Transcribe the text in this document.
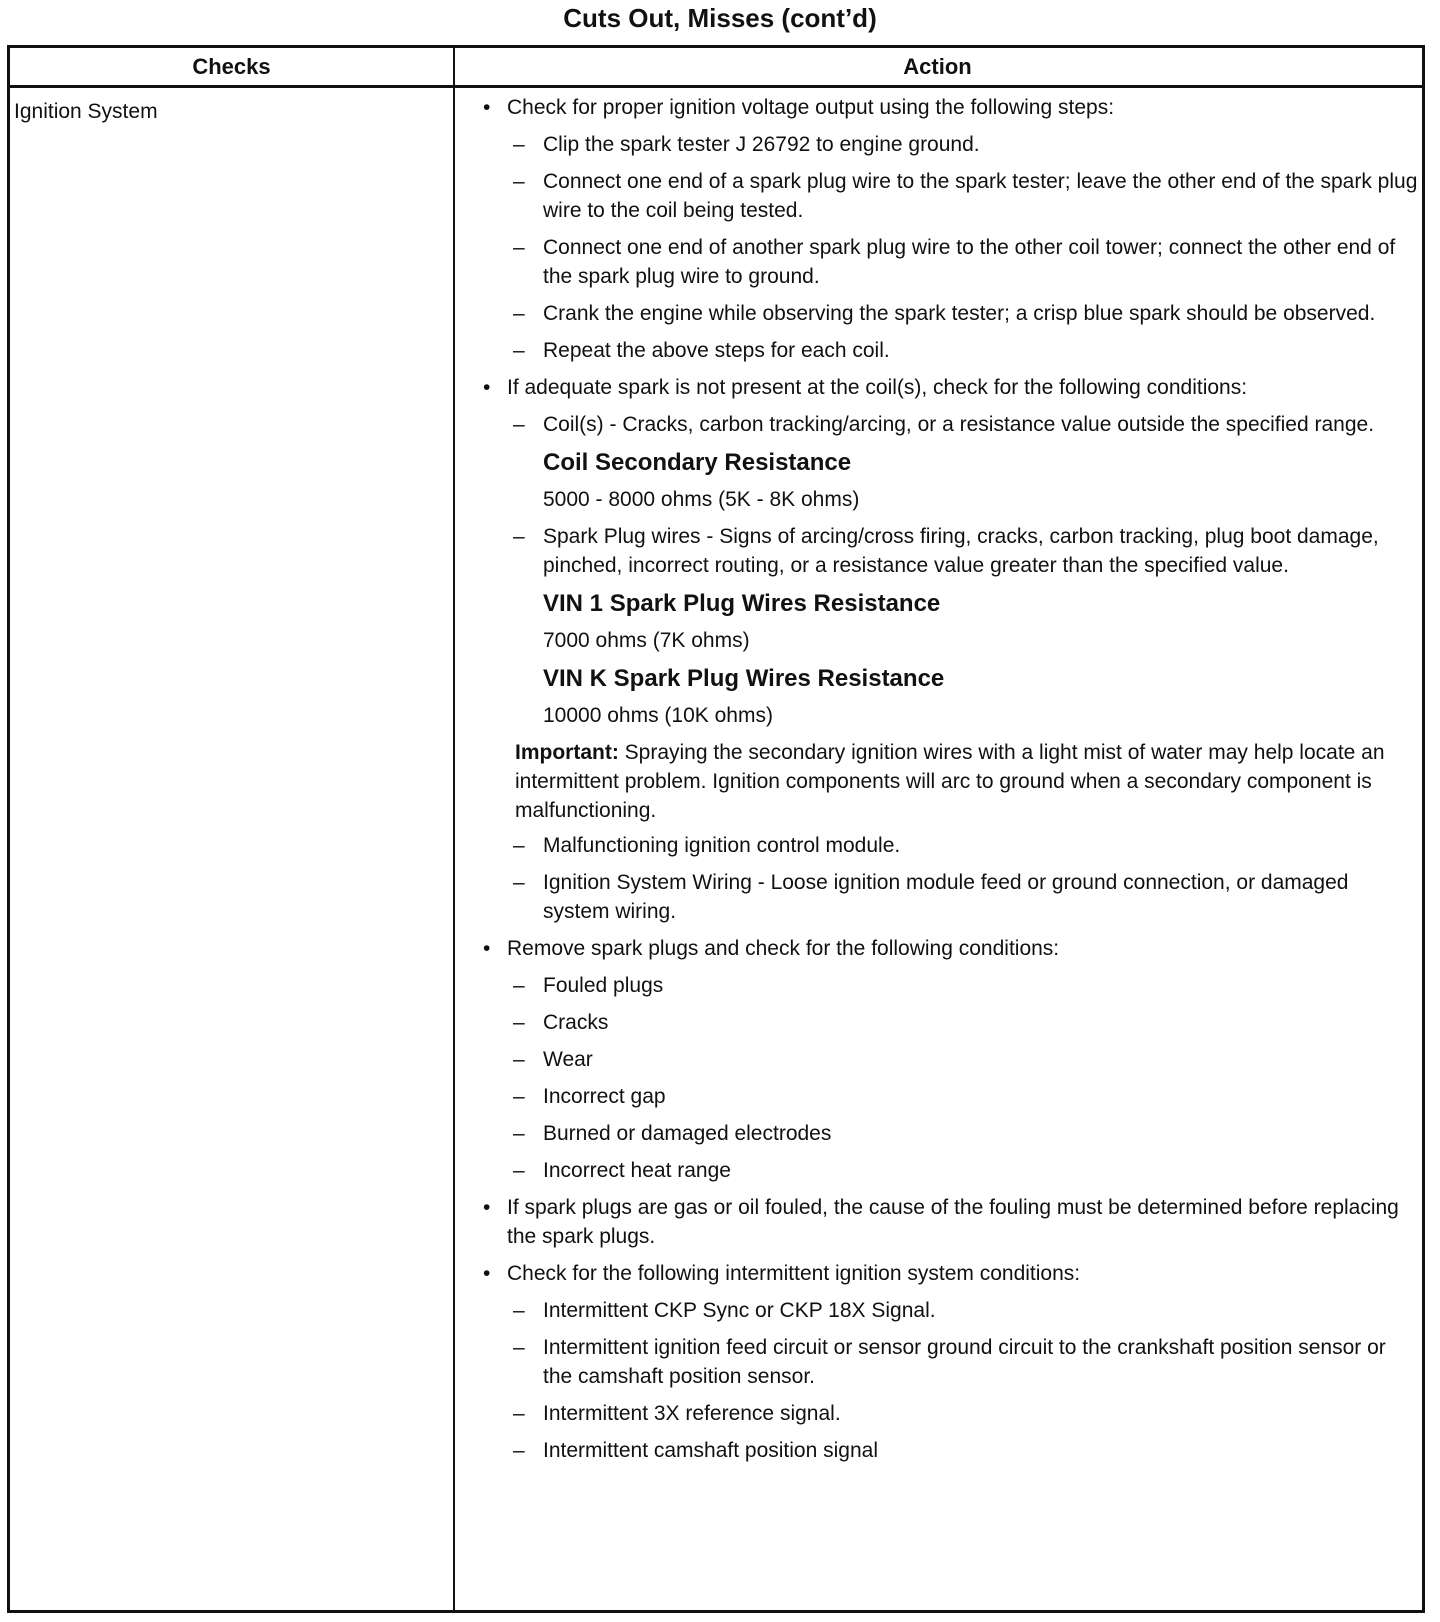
Cuts Out, Misses (cont’d)
Checks	Action
Ignition System
•	Check for proper ignition voltage output using the following steps:
– Clip the spark tester J 26792 to engine ground.
– Connect one end of a spark plug wire to the spark tester; leave the other end of the spark plug wire to the coil being tested.
– Connect one end of another spark plug wire to the other coil tower; connect the other end of the spark plug wire to ground.
– Crank the engine while observing the spark tester; a crisp blue spark should be observed.
– Repeat the above steps for each coil.
• If adequate spark is not present at the coil(s), check for the following conditions:
– Coil(s) - Cracks, carbon tracking/arcing, or a resistance value outside the specified range.
Coil Secondary Resistance
5000 - 8000 ohms (5K - 8K ohms)
– Spark Plug wires - Signs of arcing/cross firing, cracks, carbon tracking, plug boot damage, pinched, incorrect routing, or a resistance value greater than the specified value.
VIN 1 Spark Plug Wires Resistance
7000 ohms (7K ohms)
VIN K Spark Plug Wires Resistance
10000 ohms (10K ohms)
Important: Spraying the secondary ignition wires with a light mist of water may help locate an intermittent problem. Ignition components will arc to ground when a secondary component is malfunctioning.
– Malfunctioning ignition control module.
– Ignition System Wiring - Loose ignition module feed or ground connection, or damaged system wiring.
• Remove spark plugs and check for the following conditions:
– Fouled plugs
– Cracks
– Wear
– Incorrect gap
– Burned or damaged electrodes
– Incorrect heat range
• If spark plugs are gas or oil fouled, the cause of the fouling must be determined before replacing the spark plugs.
• Check for the following intermittent ignition system conditions:
– Intermittent CKP Sync or CKP 18X Signal.
– Intermittent ignition feed circuit or sensor ground circuit to the crankshaft position sensor or the camshaft position sensor.
– Intermittent 3X reference signal.
– Intermittent camshaft position signal
